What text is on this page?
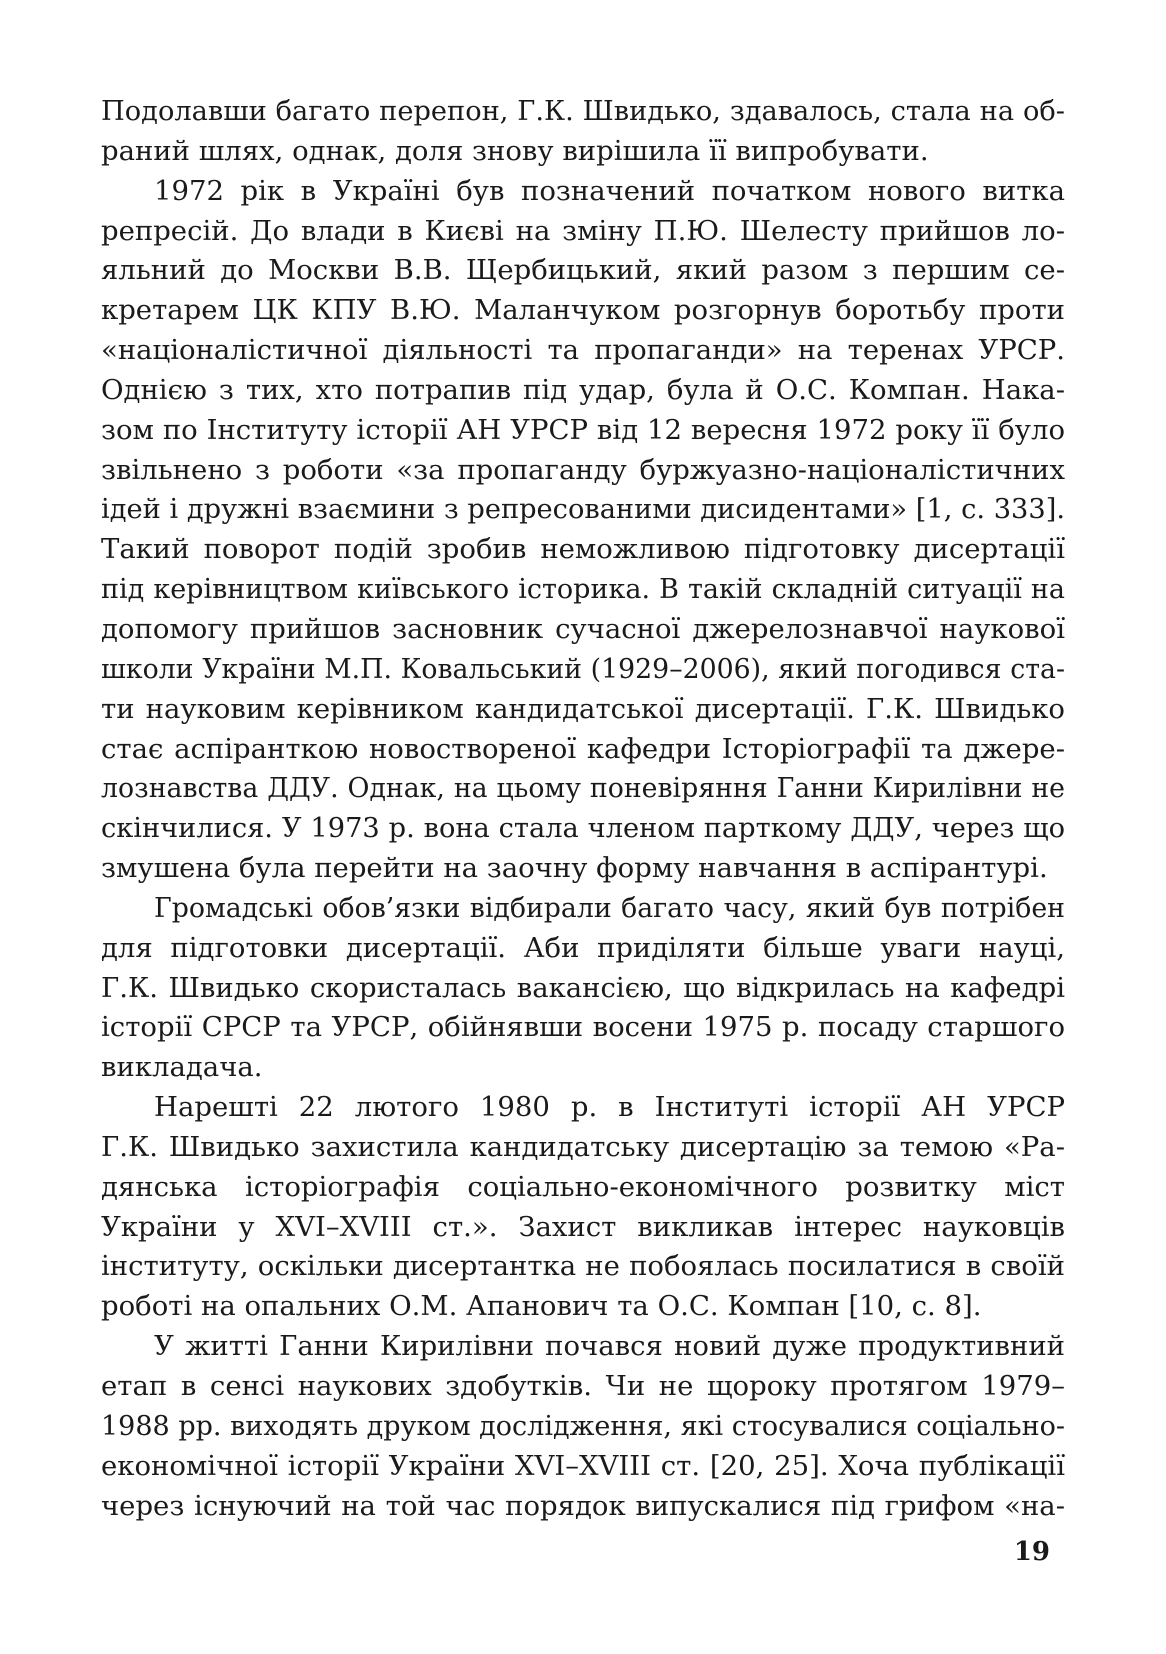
Подолавши багато перепон, Г.К. Швидько, здавалось, стала на об-
раний шлях, однак, доля знову вирішила її випробувати.
1972 рік в Україні був позначений початком нового витка
репресій. До влади в Києві на зміну П.Ю. Шелесту прийшов ло-
яльний до Москви В.В. Щербицький, який разом з першим се-
кретарем ЦК КПУ В.Ю. Маланчуком розгорнув боротьбу проти
«націоналістичної діяльності та пропаганди» на теренах УРСР.
Однією з тих, хто потрапив під удар, була й О.С. Компан. Нака-
зом по Інституту історії АН УРСР від 12 вересня 1972 року її було
звільнено з роботи «за пропаганду буржуазно-націоналістичних
ідей і дружні взаємини з репресованими дисидентами» [1, с. 333].
Такий поворот подій зробив неможливою підготовку дисертації
під керівництвом київського історика. В такій складній ситуації на
допомогу прийшов засновник сучасної джерелознавчої наукової
школи України М.П. Ковальський (1929–2006), який погодився ста-
ти науковим керівником кандидатської дисертації. Г.К. Швидько
стає аспіранткою новоствореної кафедри Історіографії та джере-
лознавства ДДУ. Однак, на цьому поневіряння Ганни Кирилівни не
скінчилися. У 1973 р. вона стала членом парткому ДДУ, через що
змушена була перейти на заочну форму навчання в аспірантурі.
Громадські обов’язки відбирали багато часу, який був потрібен
для підготовки дисертації. Аби приділяти більше уваги науці,
Г.К. Швидько скористалась вакансією, що відкрилась на кафедрі
історії СРСР та УРСР, обійнявши восени 1975 р. посаду старшого
викладача.
Нарешті 22 лютого 1980 р. в Інституті історії АН УРСР
Г.К. Швидько захистила кандидатську дисертацію за темою «Ра-
дянська історіографія соціально-економічного розвитку міст
України у XVI–XVIII ст.». Захист викликав інтерес науковців
інституту, оскільки дисертантка не побоялась посилатися в своїй
роботі на опальних О.М. Апанович та О.С. Компан [10, с. 8].
У житті Ганни Кирилівни почався новий дуже продуктивний
етап в сенсі наукових здобутків. Чи не щороку протягом 1979–
1988 рр. виходять друком дослідження, які стосувалися соціально-
економічної історії України XVI–XVIII ст. [20, 25]. Хоча публікації
через існуючий на той час порядок випускалися під грифом «на-
19
